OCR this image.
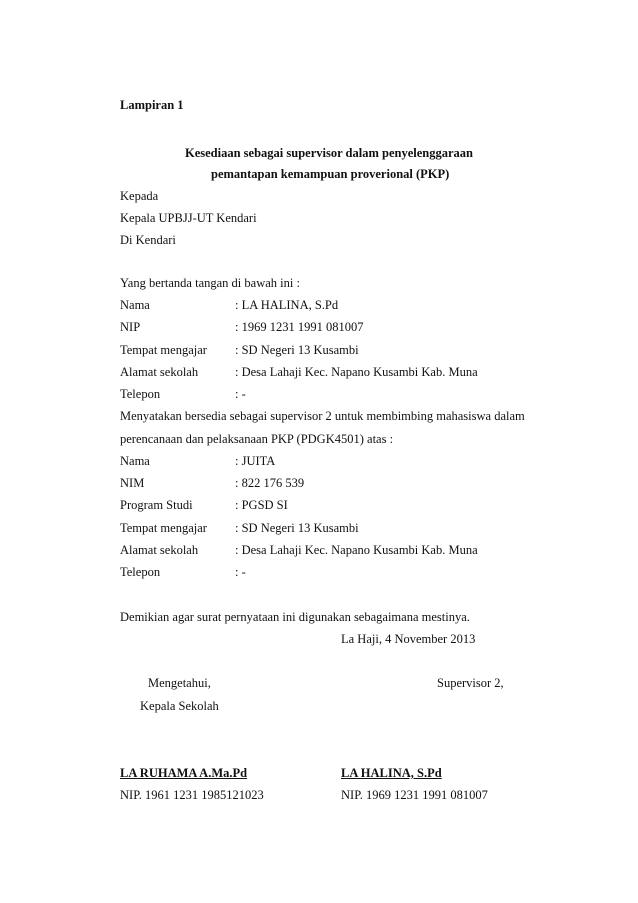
Lampiran 1
Kesediaan sebagai supervisor dalam penyelenggaraan
pemantapan kemampuan proverional (PKP)
Kepada
Kepala UPBJJ-UT Kendari
Di Kendari
Yang bertanda tangan di bawah ini :
Nama	: LA HALINA, S.Pd
NIP	: 1969 1231 1991 081007
Tempat mengajar : SD Negeri 13 Kusambi
Alamat sekolah	: Desa Lahaji Kec. Napano Kusambi Kab. Muna
Telepon	: -
Menyatakan bersedia sebagai supervisor 2 untuk membimbing mahasiswa dalam
perencanaan dan pelaksanaan PKP (PDGK4501) atas :
Nama	: JUITA
NIM	: 822 176 539
Program Studi	: PGSD SI
Tempat mengajar : SD Negeri 13 Kusambi
Alamat sekolah	: Desa Lahaji Kec. Napano Kusambi Kab. Muna
Telepon	: -
Demikian agar surat pernyataan ini digunakan sebagaimana mestinya.
La Haji, 4 November 2013
Mengetahui,	Supervisor 2,
Kepala Sekolah
LA RUHAMA A.Ma.Pd	LA HALINA, S.Pd
NIP. 1961 1231 1985121023	NIP. 1969 1231 1991 081007
